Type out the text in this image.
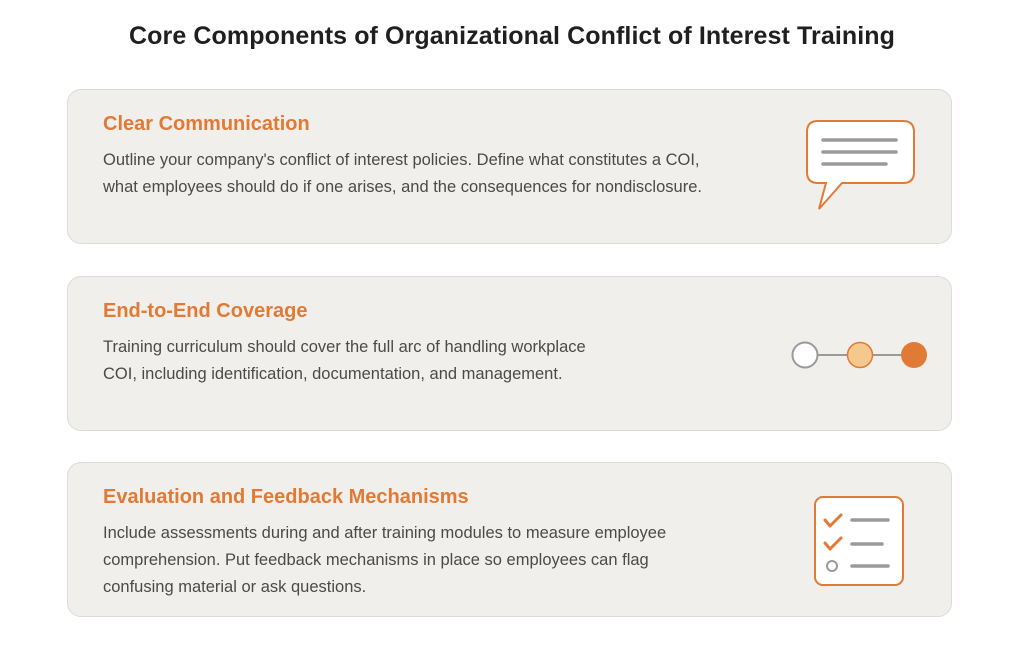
Core Components of Organizational Conflict of Interest Training
Clear Communication
Outline your company's conflict of interest policies. Define what constitutes a COI, what employees should do if one arises, and the consequences for nondisclosure.
End-to-End Coverage
Training curriculum should cover the full arc of handling workplace COI, including identification, documentation, and management.
Evaluation and Feedback Mechanisms
Include assessments during and after training modules to measure employee comprehension. Put feedback mechanisms in place so employees can flag confusing material or ask questions.
